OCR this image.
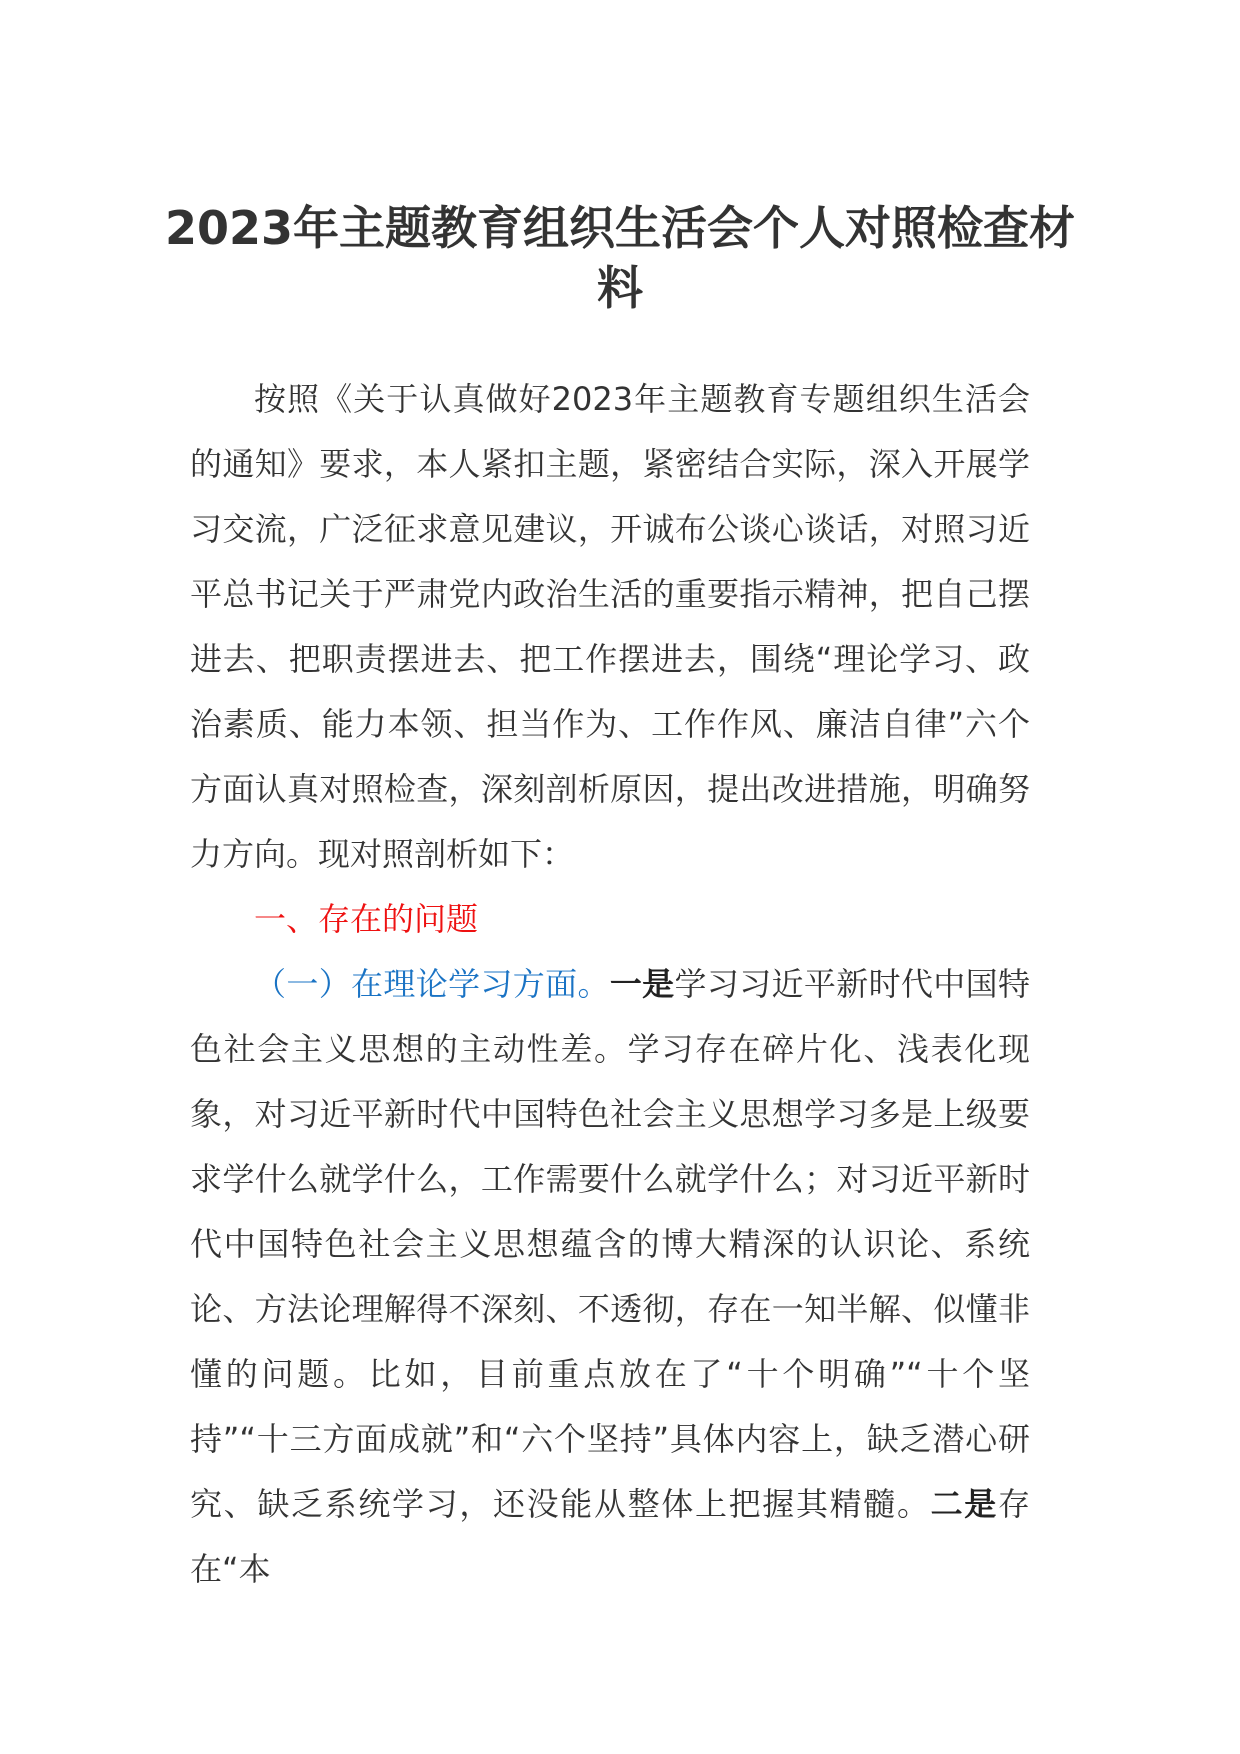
2023年主题教育组织生活会个人对照检查材料

按照《关于认真做好2023年主题教育专题组织生活会的通知》要求，本人紧扣主题，紧密结合实际，深入开展学习交流，广泛征求意见建议，开诚布公谈心谈话，对照习近平总书记关于严肃党内政治生活的重要指示精神，把自己摆进去、把职责摆进去、把工作摆进去，围绕“理论学习、政治素质、能力本领、担当作为、工作作风、廉洁自律”六个方面认真对照检查，深刻剖析原因，提出改进措施，明确努力方向。现对照剖析如下：

一、存在的问题

（一）在理论学习方面。一是学习习近平新时代中国特色社会主义思想的主动性差。学习存在碎片化、浅表化现象，对习近平新时代中国特色社会主义思想学习多是上级要求学什么就学什么，工作需要什么就学什么；对习近平新时代中国特色社会主义思想蕴含的博大精深的认识论、系统论、方法论理解得不深刻、不透彻，存在一知半解、似懂非懂的问题。比如，目前重点放在了“十个明确”“十个坚持”“十三方面成就”和“六个坚持”具体内容上，缺乏潜心研究、缺乏系统学习，还没能从整体上把握其精髓。二是存在“本
